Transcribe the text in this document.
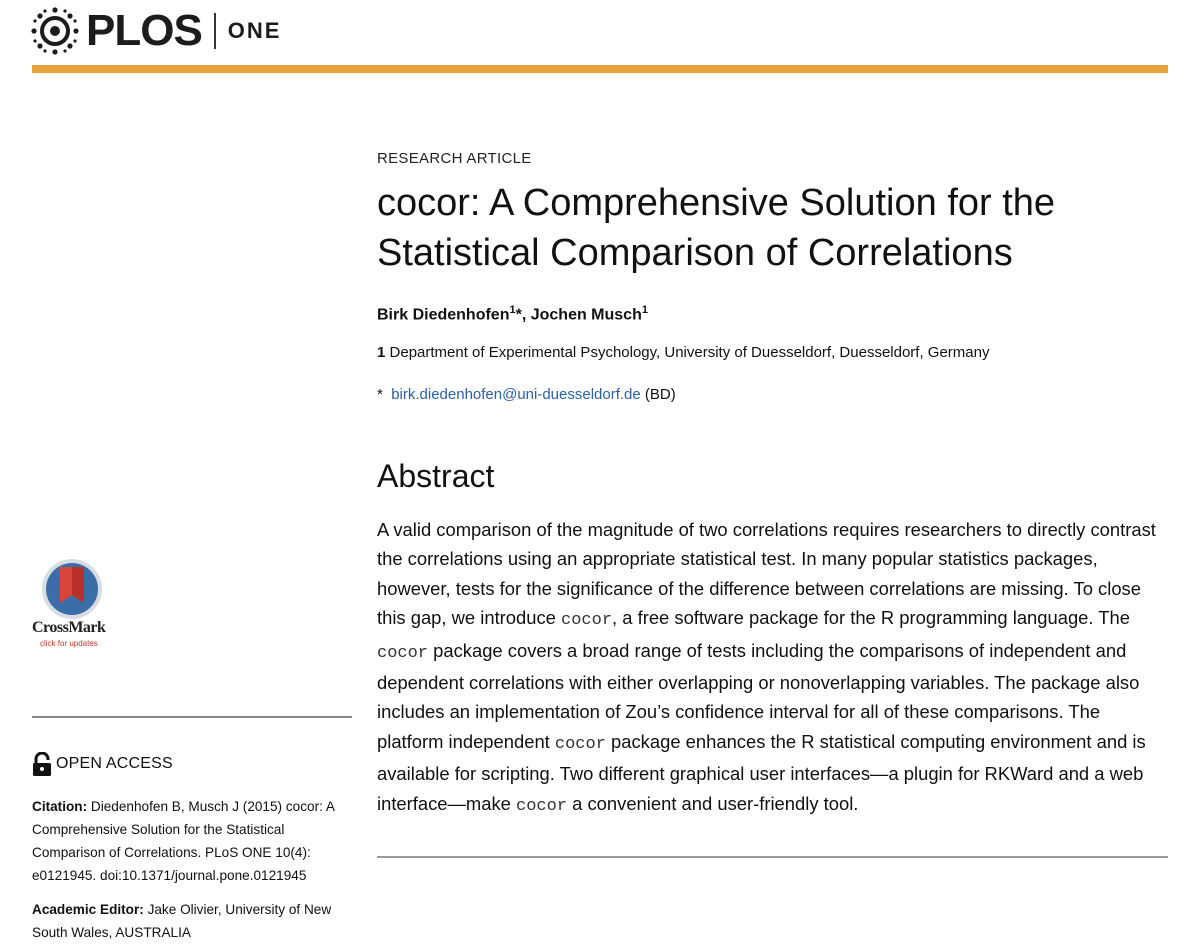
PLOS ONE
RESEARCH ARTICLE
cocor: A Comprehensive Solution for the Statistical Comparison of Correlations
Birk Diedenhofen$^1$*, Jochen Musch$^1$
1 Department of Experimental Psychology, University of Duesseldorf, Duesseldorf, Germany
* birk.diedenhofen@uni-duesseldorf.de (BD)
Abstract

A valid comparison of the magnitude of two correlations requires researchers to directly contrast the correlations using an appropriate statistical test. In many popular statistics packages, however, tests for the significance of the difference between correlations are missing. To close this gap, we introduce cocor, a free software package for the R programming language. The cocor package covers a broad range of tests including the comparisons of independent and dependent correlations with either overlapping or nonoverlapping variables. The package also includes an implementation of Zou’s confidence interval for all of these comparisons. The platform independent cocor package enhances the R statistical computing environment and is available for scripting. Two different graphical user interfaces—a plugin for RKWard and a web interface—make cocor a convenient and user-friendly tool.

CrossMark
click for updates
OPEN ACCESS

Citation: Diedenhofen B, Musch J (2015) cocor: A Comprehensive Solution for the Statistical Comparison of Correlations. PLoS ONE 10(4): e0121945. doi:10.1371/journal.pone.0121945

Academic Editor: Jake Olivier, University of New South Wales, AUSTRALIA
